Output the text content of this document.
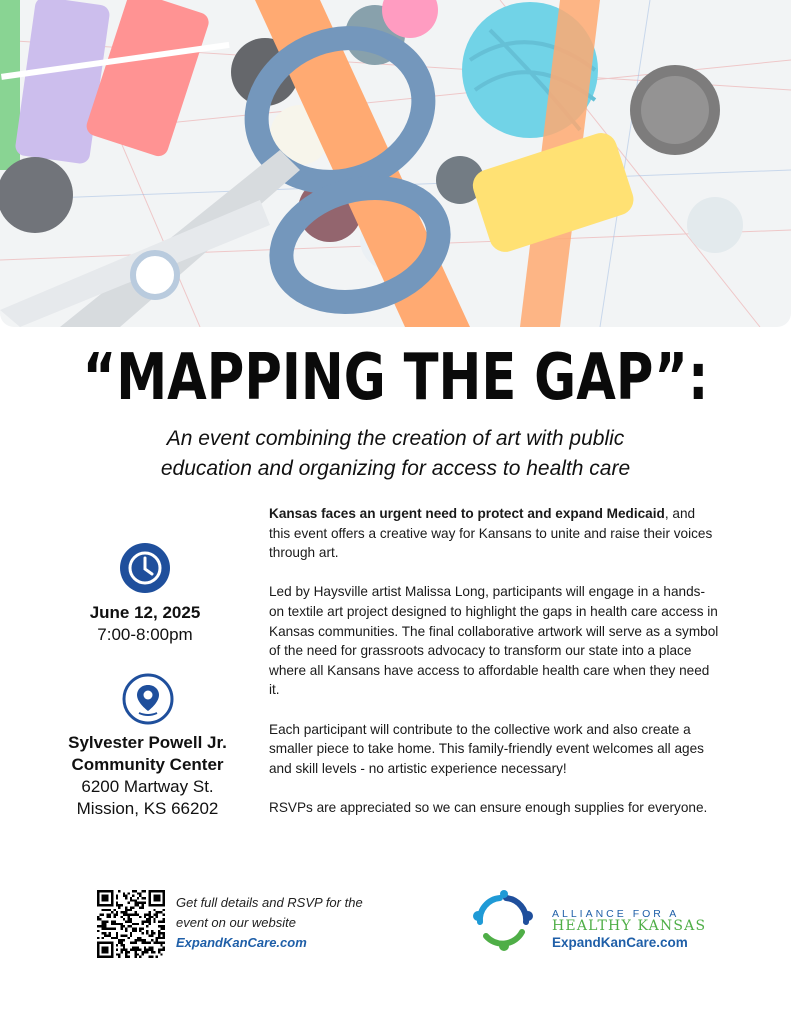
“MAPPING THE GAP”:
An event combining the creation of art with public
education and organizing for access to health care
June 12, 2025
7:00-8:00pm
Sylvester Powell Jr.
Community Center
6200 Martway St.
Mission, KS 66202

Kansas faces an urgent need to protect and expand Medicaid, and this event offers a creative way for Kansans to unite and raise their voices through art.

Led by Haysville artist Malissa Long, participants will engage in a hands-on textile art project designed to highlight the gaps in health care access in Kansas communities. The final collaborative artwork will serve as a symbol of the need for grassroots advocacy to transform our state into a place where all Kansans have access to affordable health care when they need it.

Each participant will contribute to the collective work and also create a smaller piece to take home. This family-friendly event welcomes all ages and skill levels - no artistic experience necessary!

RSVPs are appreciated so we can ensure enough supplies for everyone.

Get full details and RSVP for the
event on our website
ExpandKanCare.com
ALLIANCE FOR A
HEALTHY KANSAS
ExpandKanCare.com
